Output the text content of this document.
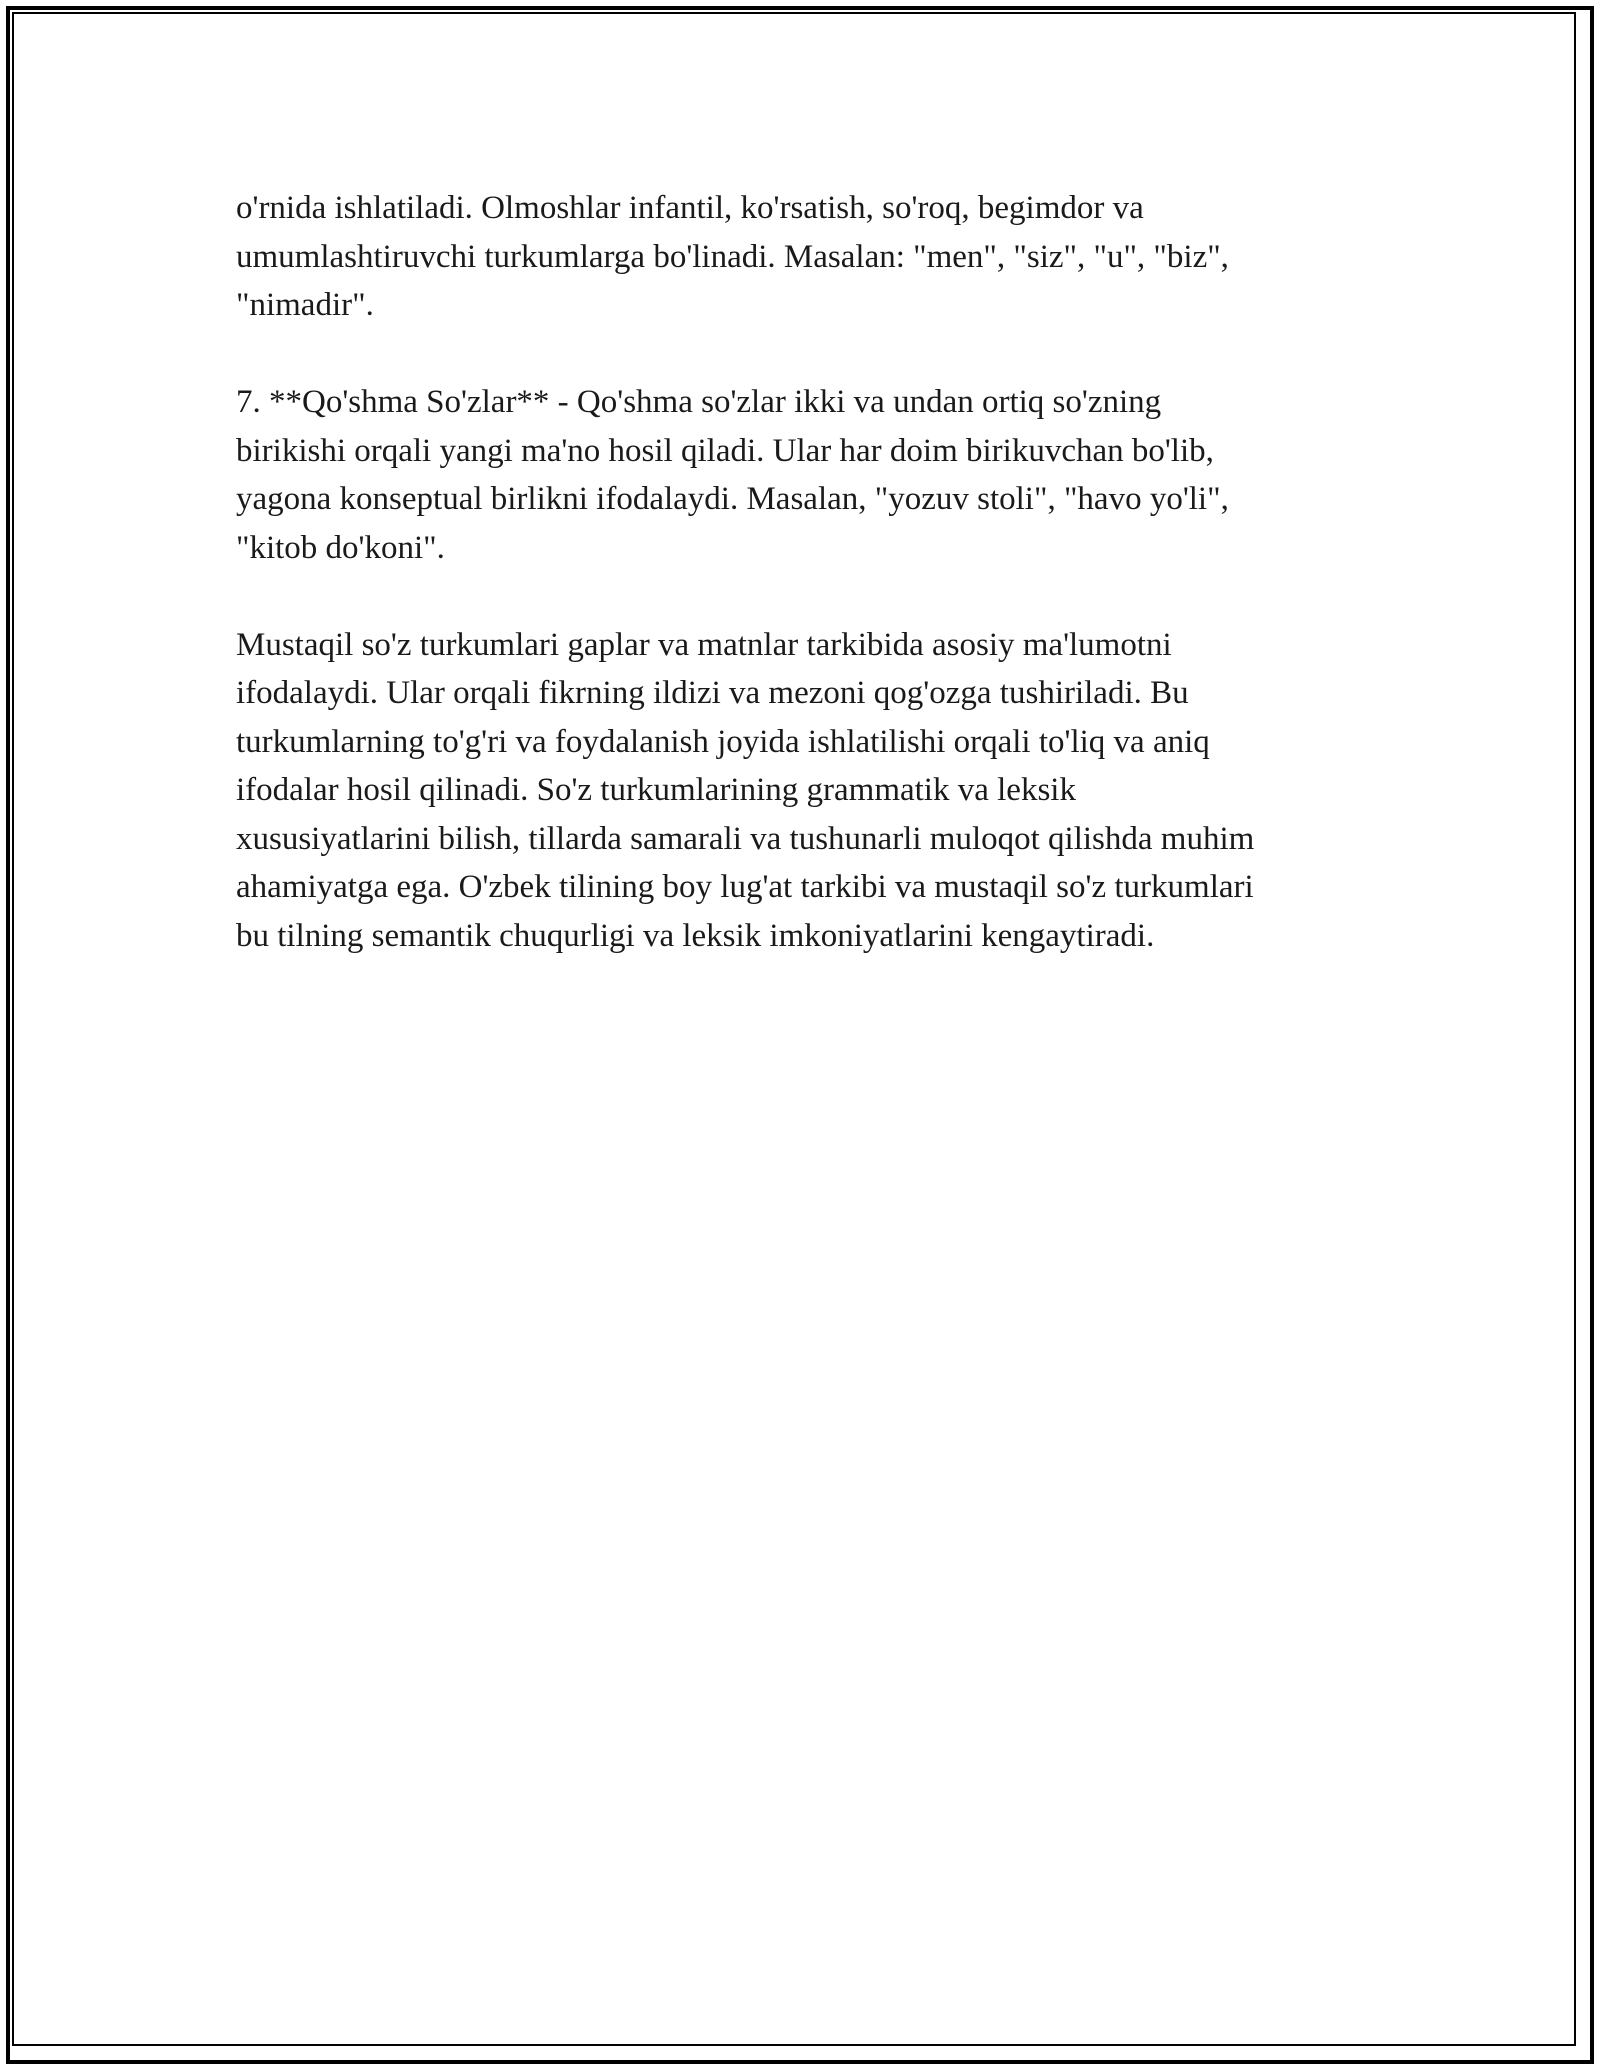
o'rnida ishlatiladi. Olmoshlar infantil, ko'rsatish, so'roq, begimdor va
umumlashtiruvchi turkumlarga bo'linadi. Masalan: "men", "siz", "u", "biz",
"nimadir".

7. **Qo'shma So'zlar** - Qo'shma so'zlar ikki va undan ortiq so'zning
birikishi orqali yangi ma'no hosil qiladi. Ular har doim birikuvchan bo'lib,
yagona konseptual birlikni ifodalaydi. Masalan, "yozuv stoli", "havo yo'li",
"kitob do'koni".

Mustaqil so'z turkumlari gaplar va matnlar tarkibida asosiy ma'lumotni
ifodalaydi. Ular orqali fikrning ildizi va mezoni qog'ozga tushiriladi. Bu
turkumlarning to'g'ri va foydalanish joyida ishlatilishi orqali to'liq va aniq
ifodalar hosil qilinadi. So'z turkumlarining grammatik va leksik
xususiyatlarini bilish, tillarda samarali va tushunarli muloqot qilishda muhim
ahamiyatga ega. O'zbek tilining boy lug'at tarkibi va mustaqil so'z turkumlari
bu tilning semantik chuqurligi va leksik imkoniyatlarini kengaytiradi.
